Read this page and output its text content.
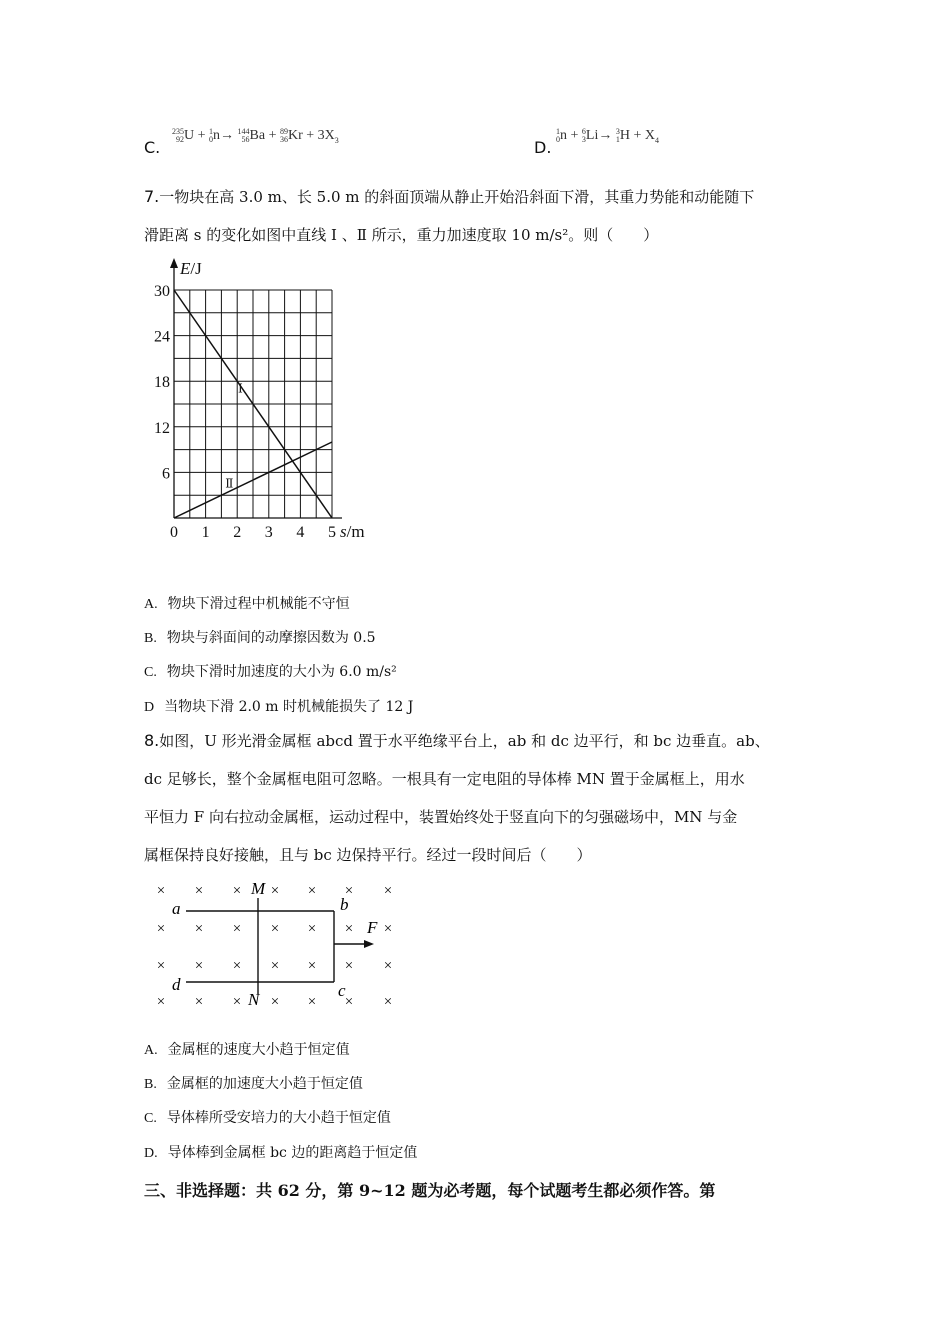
C.
235
92U + 1
0n→ 144
56Ba + 89
$36Kr + 3X_3$	D.
1
0n + 6
3Li→ 3
$1H + X_4$
7.一物块在高 3.0 m、长 5.0 m 的斜面顶端从静止开始沿斜面下滑，其重力势能和动能随下
滑距离 s 的变化如图中直线 Ⅰ 、Ⅱ 所示，重力加速度取 10 m/s²。则（　　）
Ⅰ
Ⅱ
0 1 2 3 4 5
6
12
18
24
30
E/J
s/m
A. 物块下滑过程中机械能不守恒
B. 物块与斜面间的动摩擦因数为 0.5
C. 物块下滑时加速度的大小为 6.0 m/s²
D 当物块下滑 2.0 m 时机械能损失了 12 J
8.如图，U 形光滑金属框 abcd 置于水平绝缘平台上，ab 和 dc 边平行，和 bc 边垂直。ab、
dc 足够长，整个金属框电阻可忽略。一根具有一定电阻的导体棒 MN 置于金属框上，用水
平恒力 F 向右拉动金属框，运动过程中，装置始终处于竖直向下的匀强磁场中，MN 与金
属框保持良好接触，且与 bc 边保持平行。经过一段时间后（　　）
× × × × × × ×
× × × × × × ×
× × × × × × ×
× ×	× × × ×
×
a	b
c
d
M
N
F
A. 金属框的速度大小趋于恒定值
B. 金属框的加速度大小趋于恒定值
C. 导体棒所受安培力的大小趋于恒定值
D. 导体棒到金属框 bc 边的距离趋于恒定值
三、非选择题：共 62 分，第 9~12 题为必考题，每个试题考生都必须作答。第
